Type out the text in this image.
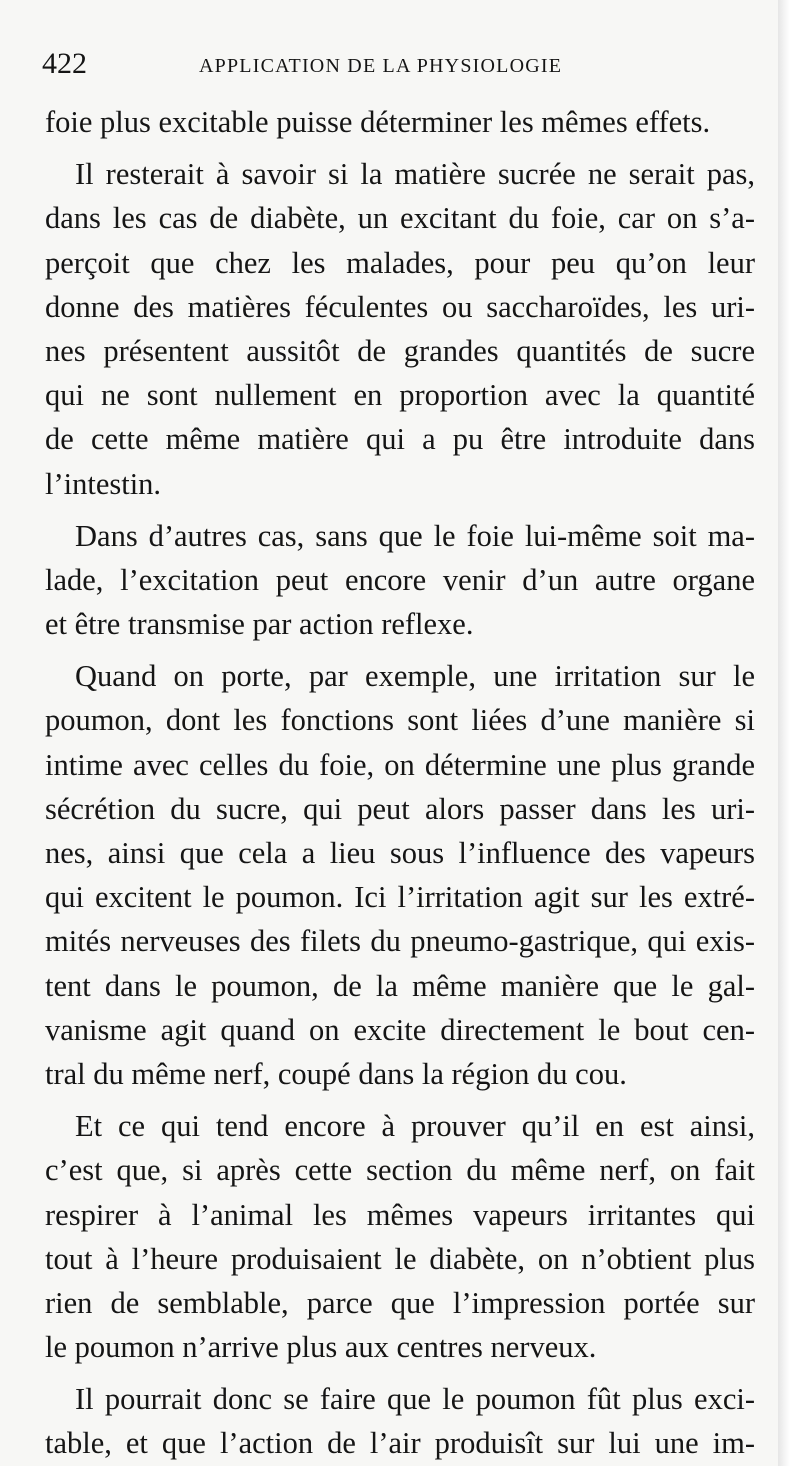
422	APPLICATION DE LA PHYSIOLOGIE
foie plus excitable puisse déterminer les mêmes effets.
Il resterait à savoir si la matière sucrée ne serait pas,
dans les cas de diabète, un excitant du foie, car on s’a-
perçoit que chez les malades, pour peu qu’on leur
donne des matières féculentes ou saccharoïdes, les uri-
nes présentent aussitôt de grandes quantités de sucre
qui ne sont nullement en proportion avec la quantité
de cette même matière qui a pu être introduite dans
l’intestin.
Dans d’autres cas, sans que le foie lui-même soit ma-
lade, l’excitation peut encore venir d’un autre organe
et être transmise par action reflexe.
Quand on porte, par exemple, une irritation sur le
poumon, dont les fonctions sont liées d’une manière si
intime avec celles du foie, on détermine une plus grande
sécrétion du sucre, qui peut alors passer dans les uri-
nes, ainsi que cela a lieu sous l’influence des vapeurs
qui excitent le poumon. Ici l’irritation agit sur les extré-
mités nerveuses des filets du pneumo-gastrique, qui exis-
tent dans le poumon, de la même manière que le gal-
vanisme agit quand on excite directement le bout cen-
tral du même nerf, coupé dans la région du cou.
Et ce qui tend encore à prouver qu’il en est ainsi,
c’est que, si après cette section du même nerf, on fait
respirer à l’animal les mêmes vapeurs irritantes qui
tout à l’heure produisaient le diabète, on n’obtient plus
rien de semblable, parce que l’impression portée sur
le poumon n’arrive plus aux centres nerveux.
Il pourrait donc se faire que le poumon fût plus exci-
table, et que l’action de l’air produisît sur lui une im-
